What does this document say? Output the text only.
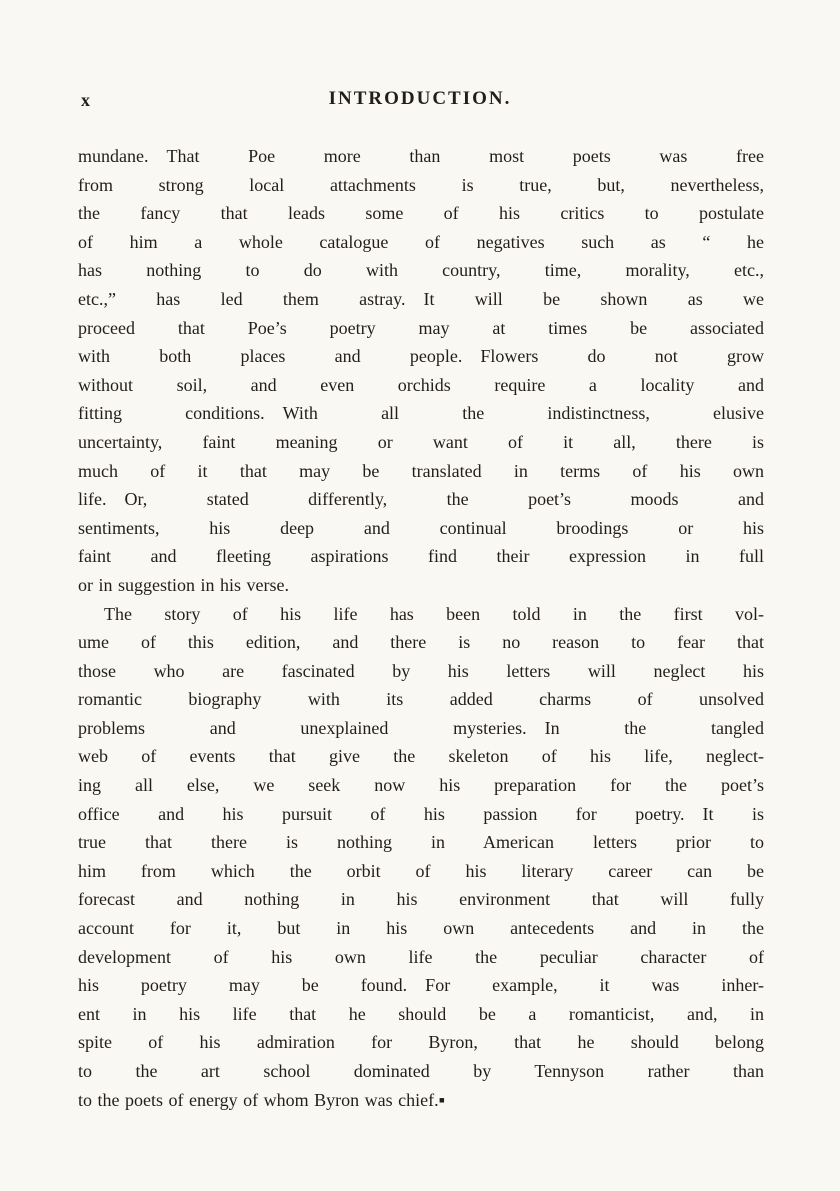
x	INTRODUCTION.
mundane. That Poe more than most poets was free
from strong local attachments is true, but, nevertheless,
the fancy that leads some of his critics to postulate
of him a whole catalogue of negatives such as “ he
has nothing to do with country, time, morality, etc.,
etc.,” has led them astray. It will be shown as we
proceed that Poe’s poetry may at times be associated
with both places and people. Flowers do not grow
without soil, and even orchids require a locality and
fitting conditions. With all the indistinctness, elusive
uncertainty, faint meaning or want of it all, there is
much of it that may be translated in terms of his own
life. Or, stated differently, the poet’s moods and
sentiments, his deep and continual broodings or his
faint and fleeting aspirations find their expression in full
or in suggestion in his verse.
The story of his life has been told in the first vol-
ume of this edition, and there is no reason to fear that
those who are fascinated by his letters will neglect his
romantic biography with its added charms of unsolved
problems and unexplained mysteries. In the tangled
web of events that give the skeleton of his life, neglect-
ing all else, we seek now his preparation for the poet’s
office and his pursuit of his passion for poetry. It is
true that there is nothing in American letters prior to
him from which the orbit of his literary career can be
forecast and nothing in his environment that will fully
account for it, but in his own antecedents and in the
development of his own life the peculiar character of
his poetry may be found. For example, it was inher-
ent in his life that he should be a romanticist, and, in
spite of his admiration for Byron, that he should belong
to the art school dominated by Tennyson rather than
to the poets of energy of whom Byron was chief.▪
